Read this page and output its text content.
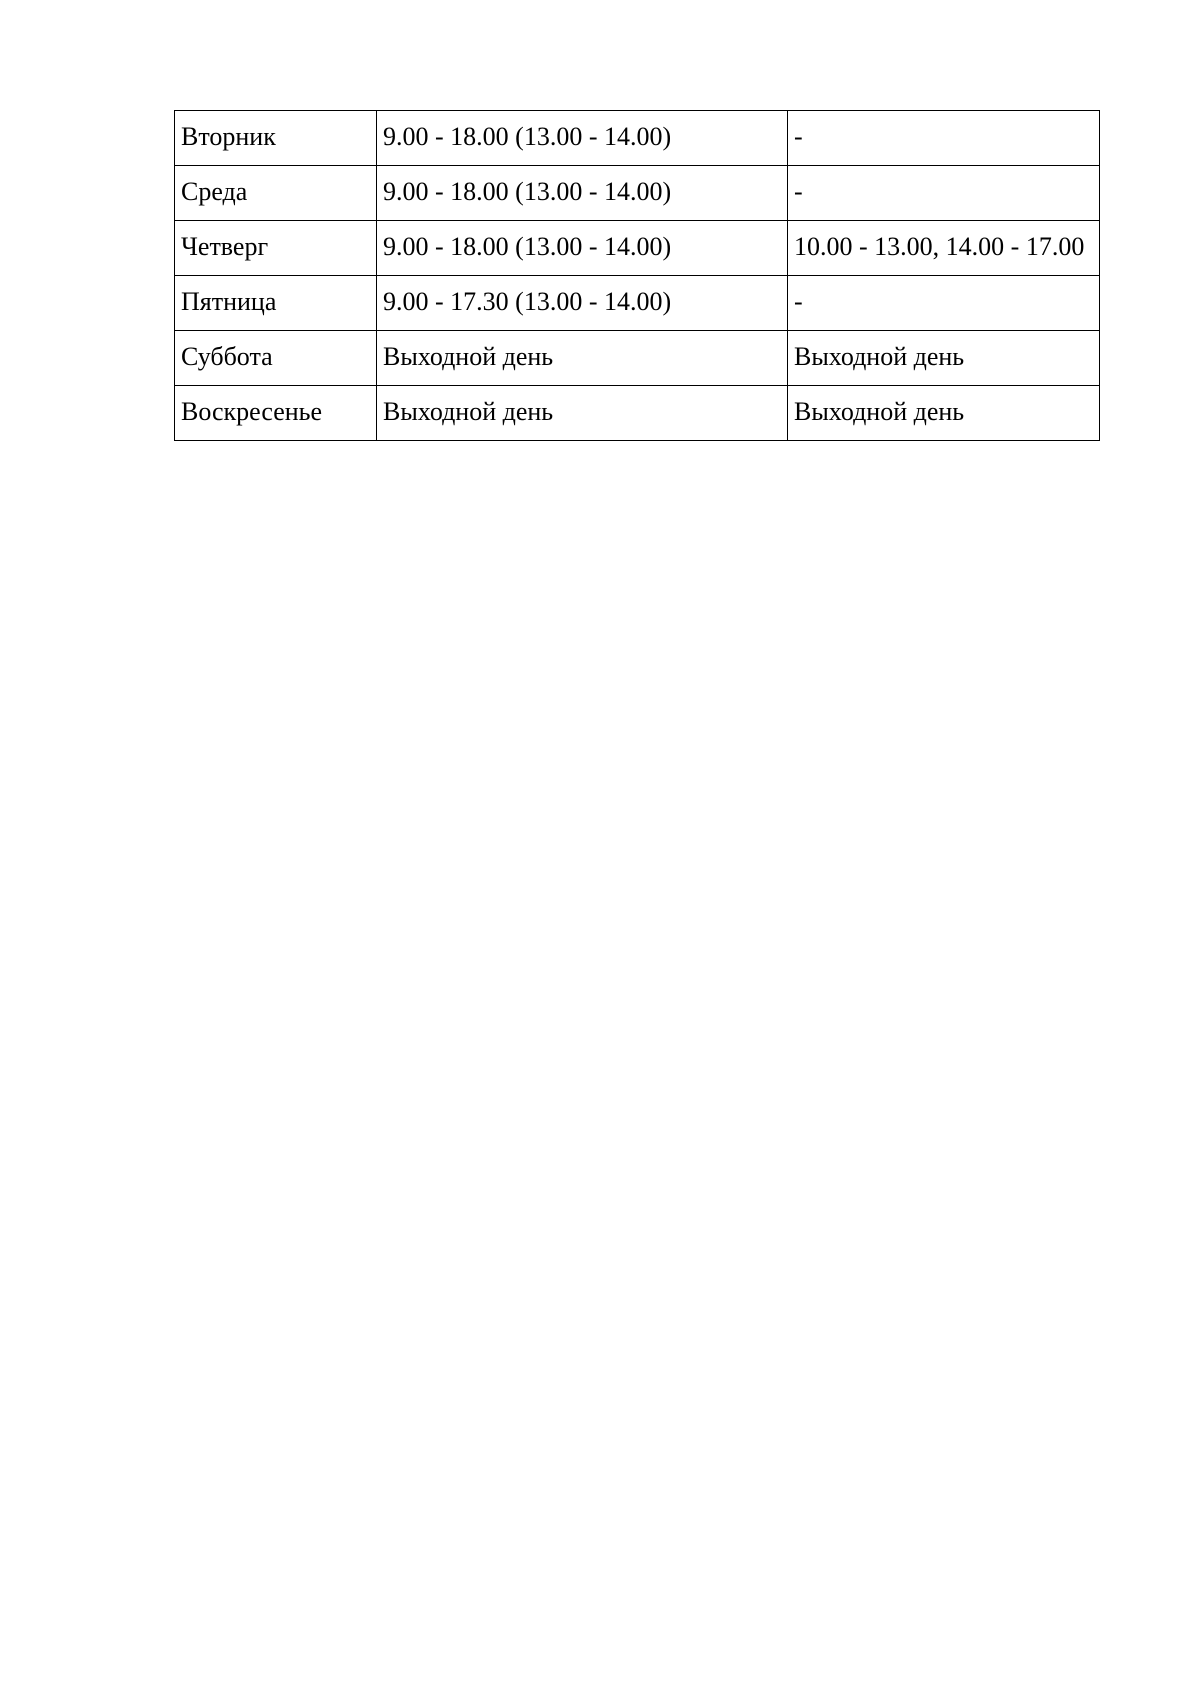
Вторник	9.00 - 18.00 (13.00 - 14.00)	-
Среда	9.00 - 18.00 (13.00 - 14.00)	-
Четверг	9.00 - 18.00 (13.00 - 14.00)	10.00 - 13.00, 14.00 - 17.00
Пятница	9.00 - 17.30 (13.00 - 14.00)	-
Суббота	Выходной день	Выходной день
Воскресенье	Выходной день	Выходной день
